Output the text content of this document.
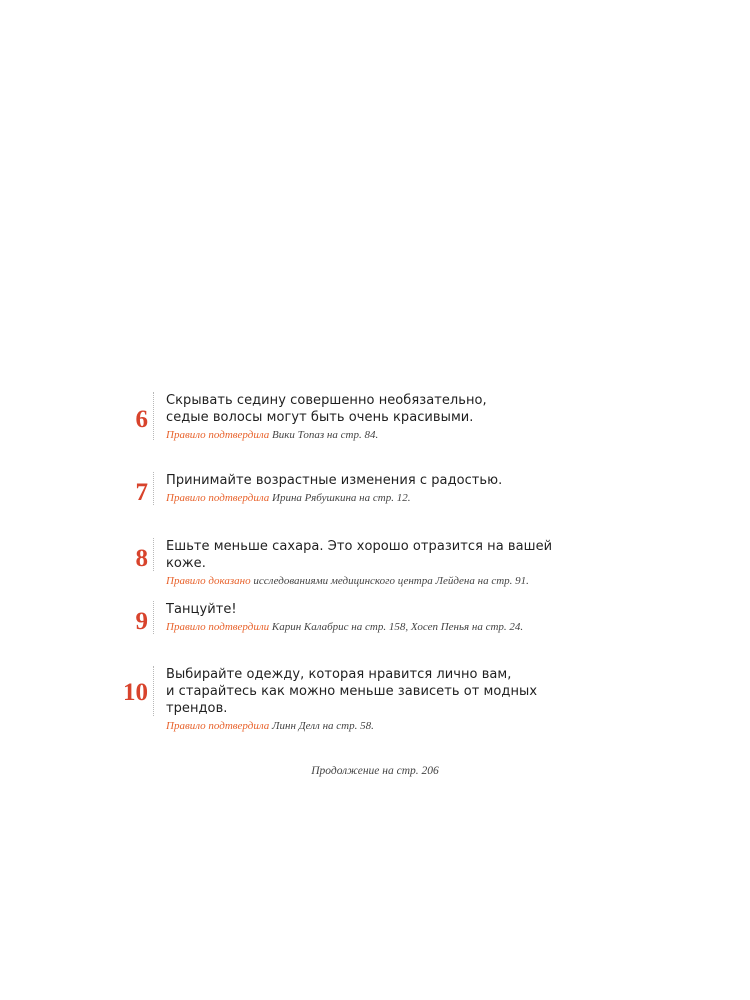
6
Скрывать седину совершенно необязательно,
седые волосы могут быть очень красивыми.
Правило подтвердила Вики Топаз на стр. 84.
7 Принимайте возрастные изменения с радостью.
Правило подтвердила Ирина Рябушкина на стр. 12.
8 Ешьте меньше сахара. Это хорошо отразится на вашей коже.
Правило доказано исследованиями медицинского центра Лейдена на стр. 91.
9 Танцуйте!
Правило подтвердили Карин Калабрис на стр. 158, Хосеп Пенья на стр. 24.
10
Выбирайте одежду, которая нравится лично вам,
и старайтесь как можно меньше зависеть от модных трендов.
Правило подтвердила Линн Делл на стр. 58.
Продолжение на стр. 206
